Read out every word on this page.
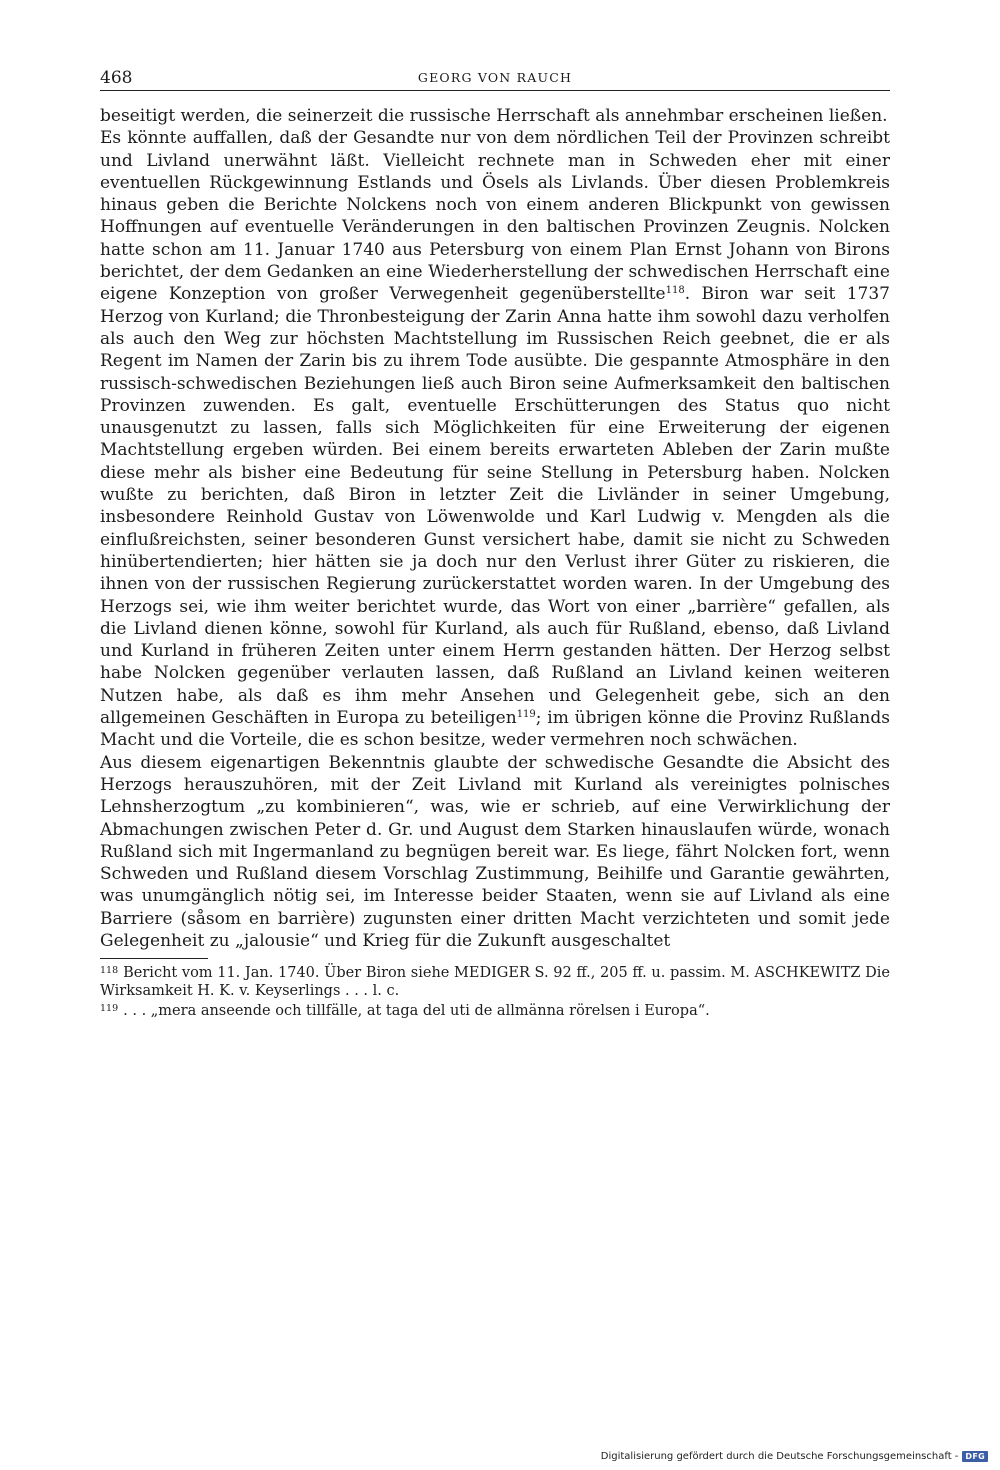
468	GEORG VON RAUCH

beseitigt werden, die seinerzeit die russische Herrschaft als annehmbar erscheinen ließen.

Es könnte auffallen, daß der Gesandte nur von dem nördlichen Teil der Provinzen schreibt und Livland unerwähnt läßt. Vielleicht rechnete man in Schweden eher mit einer eventuellen Rückgewinnung Estlands und Ösels als Livlands. Über diesen Problemkreis hinaus geben die Berichte Nolckens noch von einem anderen Blickpunkt von gewissen Hoffnungen auf eventuelle Veränderungen in den baltischen Provinzen Zeugnis. Nolcken hatte schon am 11. Januar 1740 aus Petersburg von einem Plan Ernst Johann von Birons berichtet, der dem Gedanken an eine Wiederherstellung der schwedischen Herrschaft eine eigene Konzeption von großer Verwegenheit gegenüberstellte$^{118}$. Biron war seit 1737 Herzog von Kurland; die Thronbesteigung der Zarin Anna hatte ihm sowohl dazu verholfen als auch den Weg zur höchsten Machtstellung im Russischen Reich geebnet, die er als Regent im Namen der Zarin bis zu ihrem Tode ausübte. Die gespannte Atmosphäre in den russisch-schwedischen Beziehungen ließ auch Biron seine Aufmerksamkeit den baltischen Provinzen zuwenden. Es galt, eventuelle Erschütterungen des Status quo nicht unausgenutzt zu lassen, falls sich Möglichkeiten für eine Erweiterung der eigenen Machtstellung ergeben würden. Bei einem bereits erwarteten Ableben der Zarin mußte diese mehr als bisher eine Bedeutung für seine Stellung in Petersburg haben. Nolcken wußte zu berichten, daß Biron in letzter Zeit die Livländer in seiner Umgebung, insbesondere Reinhold Gustav von Löwenwolde und Karl Ludwig v. Mengden als die einflußreichsten, seiner besonderen Gunst versichert habe, damit sie nicht zu Schweden hinübertendierten; hier hätten sie ja doch nur den Verlust ihrer Güter zu riskieren, die ihnen von der russischen Regierung zurückerstattet worden waren. In der Umgebung des Herzogs sei, wie ihm weiter berichtet wurde, das Wort von einer „barrière“ gefallen, als die Livland dienen könne, sowohl für Kurland, als auch für Rußland, ebenso, daß Livland und Kurland in früheren Zeiten unter einem Herrn gestanden hätten. Der Herzog selbst habe Nolcken gegenüber verlauten lassen, daß Rußland an Livland keinen weiteren Nutzen habe, als daß es ihm mehr Ansehen und Gelegenheit gebe, sich an den allgemeinen Geschäften in Europa zu beteiligen$^{119}$; im übrigen könne die Provinz Rußlands Macht und die Vorteile, die es schon besitze, weder vermehren noch schwächen.

Aus diesem eigenartigen Bekenntnis glaubte der schwedische Gesandte die Absicht des Herzogs herauszuhören, mit der Zeit Livland mit Kurland als vereinigtes polnisches Lehnsherzogtum „zu kombinieren“, was, wie er schrieb, auf eine Verwirklichung der Abmachungen zwischen Peter d. Gr. und August dem Starken hinauslaufen würde, wonach Rußland sich mit Ingermanland zu begnügen bereit war. Es liege, fährt Nolcken fort, wenn Schweden und Rußland diesem Vorschlag Zustimmung, Beihilfe und Garantie gewährten, was unumgänglich nötig sei, im Interesse beider Staaten, wenn sie auf Livland als eine Barriere (såsom en barrière) zugunsten einer dritten Macht verzichteten und somit jede Gelegenheit zu „jalousie“ und Krieg für die Zukunft ausgeschaltet

$^{118}$ Bericht vom 11. Jan. 1740. Über Biron siehe MEDIGER S. 92 ff., 205 ff. u. passim. M. ASCHKEWITZ Die Wirksamkeit H. K. v. Keyserlings . . . l. c.

$^{119}$ . . . „mera anseende och tillfälle, at taga del uti de allmänna rörelsen i Europa“.

Digitalisierung gefördert durch die Deutsche Forschungsgemeinschaft - DFG
